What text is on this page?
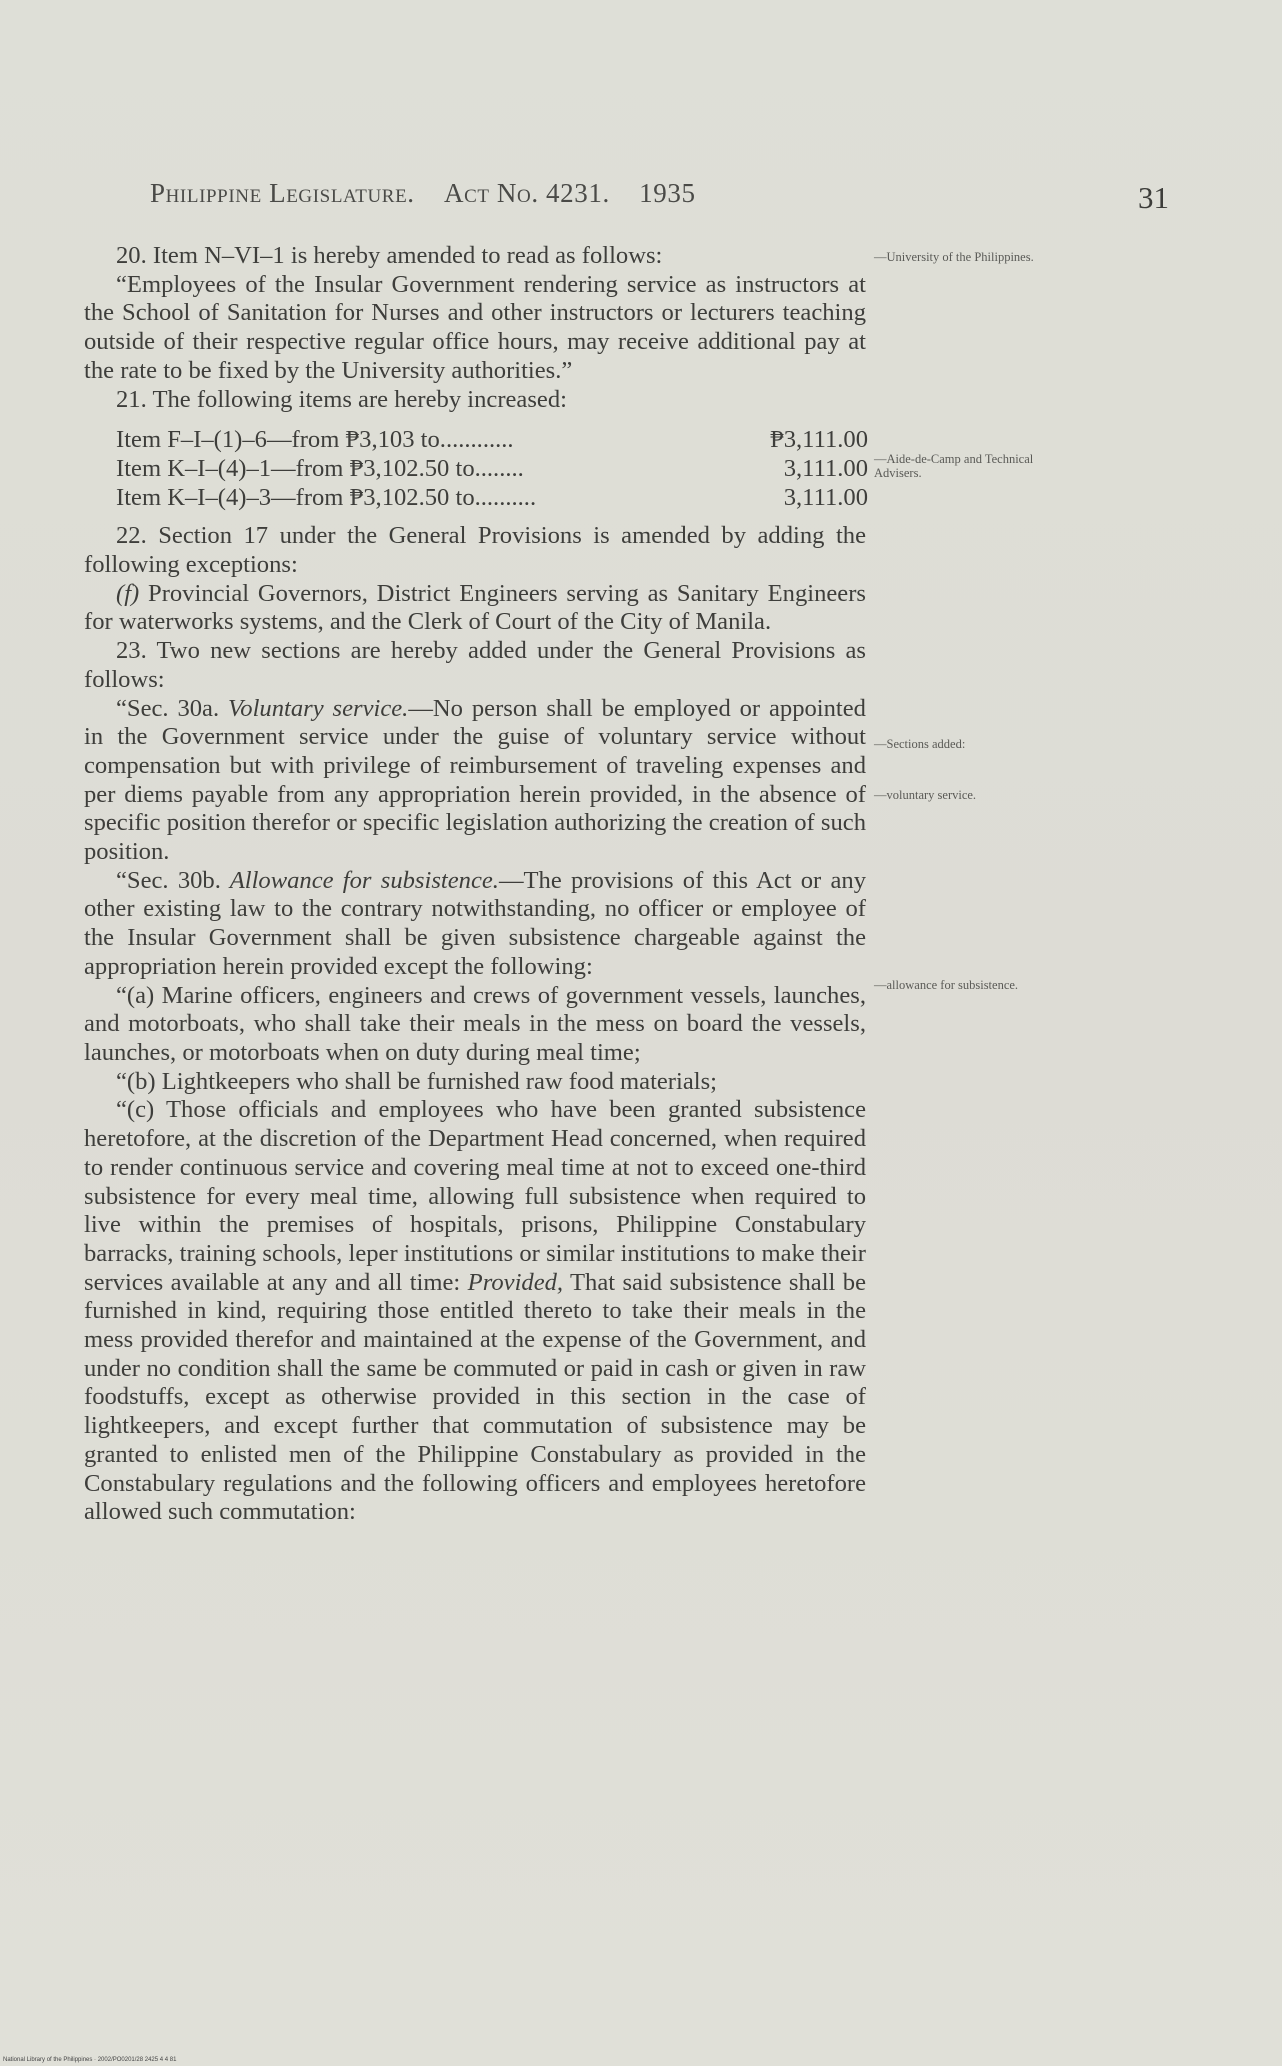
Philippine Legislature. Act No. 4231. 1935	31

20. Item N–VI–1 is hereby amended to read as follows:

“Employees of the Insular Government rendering service as instructors at the School of Sanitation for Nurses and other instructors or lecturers teaching outside of their respective regular office hours, may receive additional pay at the rate to be fixed by the University authorities.”

21. The following items are hereby increased:

Item F–I–(1)–6—from ₱3,103 to............	₱3,111.00
Item K–I–(4)–1—from ₱3,102.50 to........	3,111.00
Item K–I–(4)–3—from ₱3,102.50 to..........	3,111.00

22. Section 17 under the General Provisions is amended by adding the following exceptions:

(f) Provincial Governors, District Engineers serving as Sanitary Engineers for waterworks systems, and the Clerk of Court of the City of Manila.

23. Two new sections are hereby added under the General Provisions as follows:

“Sec. 30a. Voluntary service.—No person shall be employed or appointed in the Government service under the guise of voluntary service without compensation but with privilege of reimbursement of traveling expenses and per diems payable from any appropriation herein provided, in the absence of specific position therefor or specific legislation authorizing the creation of such position.

“Sec. 30b. Allowance for subsistence.—The provisions of this Act or any other existing law to the contrary notwithstanding, no officer or employee of the Insular Government shall be given subsistence chargeable against the appropriation herein provided except the following:

“(a) Marine officers, engineers and crews of government vessels, launches, and motorboats, who shall take their meals in the mess on board the vessels, launches, or motorboats when on duty during meal time;

“(b) Lightkeepers who shall be furnished raw food materials;

“(c) Those officials and employees who have been granted subsistence heretofore, at the discretion of the Department Head concerned, when required to render continuous service and covering meal time at not to exceed one-third subsistence for every meal time, allowing full subsistence when required to live within the premises of hospitals, prisons, Philippine Constabulary barracks, training schools, leper institutions or similar institutions to make their services available at any and all time: Provided, That said subsistence shall be furnished in kind, requiring those entitled thereto to take their meals in the mess provided therefor and maintained at the expense of the Government, and under no condition shall the same be commuted or paid in cash or given in raw foodstuffs, except as otherwise provided in this section in the case of lightkeepers, and except further that commutation of subsistence may be granted to enlisted men of the Philippine Constabulary as provided in the Constabulary regulations and the following officers and employees heretofore allowed such commutation:

—University of the Philippines.
—Aide-de-Camp and Technical Advisers.
—Sections added:
—voluntary service.
—allowance for subsistence.
National Library of the Philippines · 2002/PO0201/28 2425 4 4 81
